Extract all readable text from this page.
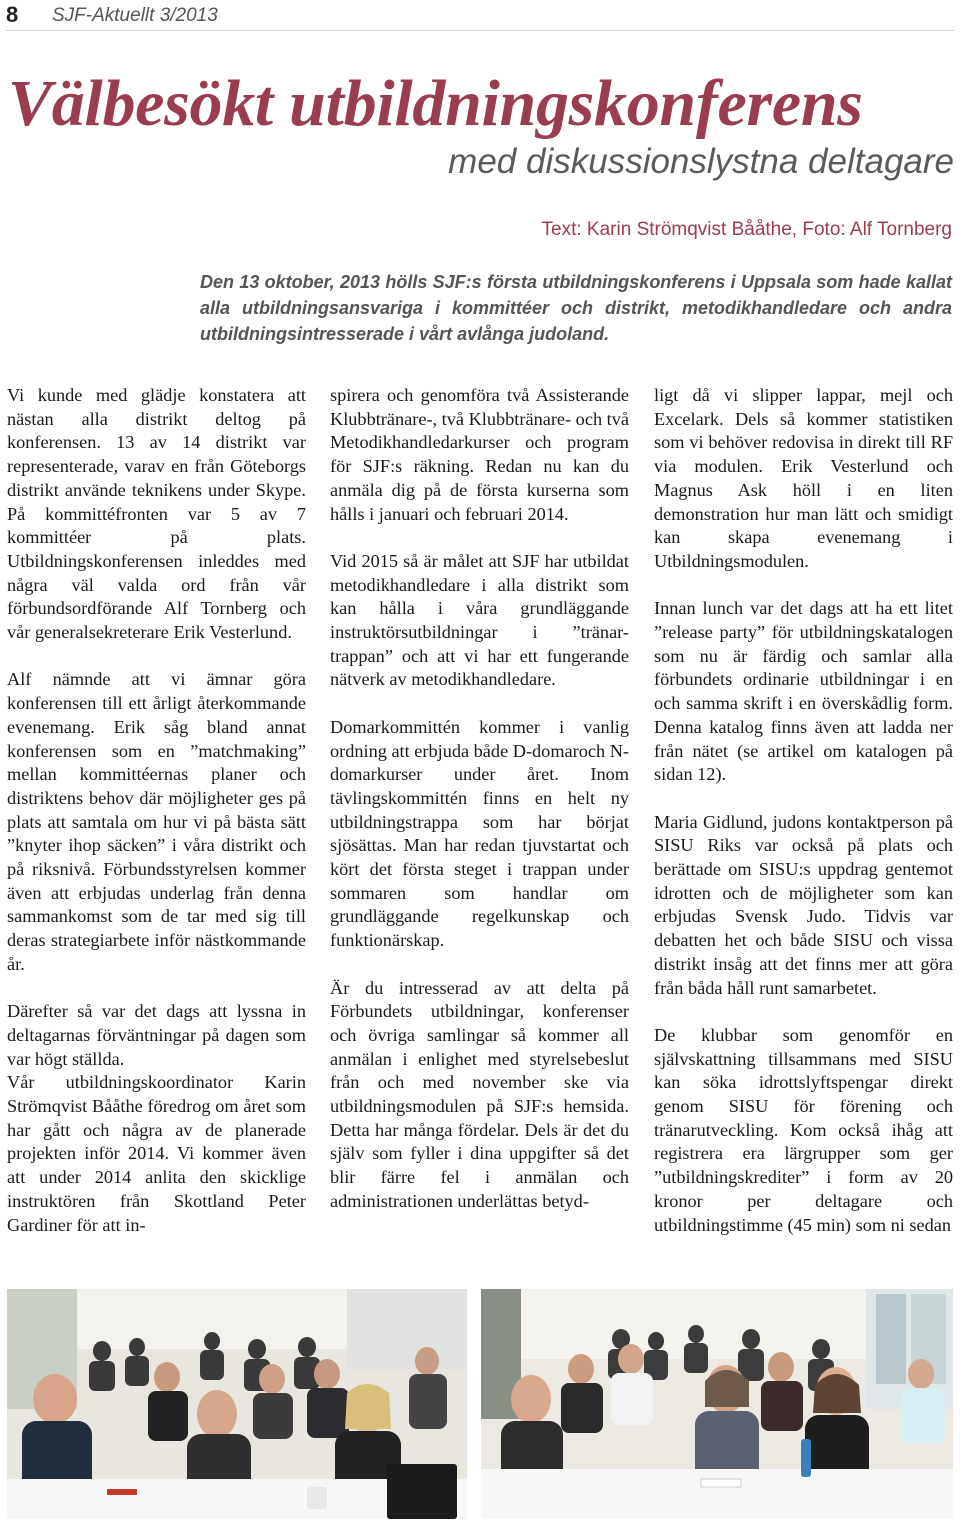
8 SJF-Aktuellt 3/2013
Välbesökt utbildningskonferens
med diskussionslystna deltagare
Text: Karin Strömqvist Bååthe, Foto: Alf Tornberg
Den 13 oktober, 2013 hölls SJF:s första utbildningskonferens i Uppsala som hade kallat alla utbildningsansvariga i kommittéer och distrikt, metodikhandledare och andra utbildningsintresserade i vårt avlånga judoland.

Vi kunde med glädje konstatera att nästan alla distrikt deltog på konferensen. 13 av 14 distrikt var representerade, varav en från Göteborgs distrikt använde teknikens under Skype. På kommittéfronten var 5 av 7 kommittéer på plats. Utbildningskonferensen inleddes med några väl valda ord från vår förbundsordförande Alf Tornberg och vår generalsekreterare Erik Vesterlund.

Alf nämnde att vi ämnar göra konferensen till ett årligt återkommande evenemang. Erik såg bland annat konferensen som en ”matchmaking” mellan kommittéernas planer och distriktens behov där möjligheter ges på plats att samtala om hur vi på bästa sätt ”knyter ihop säcken” i våra distrikt och på riksnivå. Förbundsstyrelsen kommer även att erbjudas underlag från denna sammankomst som de tar med sig till deras strategiarbete inför nästkommande år.

Därefter så var det dags att lyssna in deltagarnas förväntningar på dagen som var högt ställda.

Vår utbildningskoordinator Karin Strömqvist Bååthe föredrog om året som har gått och några av de planerade projekten inför 2014. Vi kommer även att under 2014 anlita den skicklige instruktören från Skottland Peter Gardiner för att in-

spirera och genomföra två Assisterande Klubbtränare-, två Klubbtränare- och två Metodikhandledarkurser och program för SJF:s räkning. Redan nu kan du anmäla dig på de första kurserna som hålls i januari och februari 2014.

Vid 2015 så är målet att SJF har utbildat metodikhandledare i alla distrikt som kan hålla i våra grundläggande instruktörsutbildningar i ”tränar-trappan” och att vi har ett fungerande nätverk av metodikhandledare.

Domarkommittén kommer i vanlig ordning att erbjuda både D-domaroch N-domarkurser under året. Inom tävlingskommittén finns en helt ny utbildningstrappa som har börjat sjösättas. Man har redan tjuvstartat och kört det första steget i trappan under sommaren som handlar om grundläggande regelkunskap och funktionärskap.

Är du intresserad av att delta på Förbundets utbildningar, konferenser och övriga samlingar så kommer all anmälan i enlighet med styrelsebeslut från och med november ske via utbildningsmodulen på SJF:s hemsida. Detta har många fördelar. Dels är det du själv som fyller i dina uppgifter så det blir färre fel i anmälan och administrationen underlättas betyd-

ligt då vi slipper lappar, mejl och Excelark. Dels så kommer statistiken som vi behöver redovisa in direkt till RF via modulen. Erik Vesterlund och Magnus Ask höll i en liten demonstration hur man lätt och smidigt kan skapa evenemang i Utbildningsmodulen.

Innan lunch var det dags att ha ett litet ”release party” för utbildningskatalogen som nu är färdig och samlar alla förbundets ordinarie utbildningar i en och samma skrift i en överskådlig form. Denna katalog finns även att ladda ner från nätet (se artikel om katalogen på sidan 12).

Maria Gidlund, judons kontaktperson på SISU Riks var också på plats och berättade om SISU:s uppdrag gentemot idrotten och de möjligheter som kan erbjudas Svensk Judo. Tidvis var debatten het och både SISU och vissa distrikt insåg att det finns mer att göra från båda håll runt samarbetet.

De klubbar som genomför en självskattning tillsammans med SISU kan söka idrottslyftspengar direkt genom SISU för förening och tränarutveckling. Kom också ihåg att registrera era lärgrupper som ger ”utbildningskrediter” i form av 20 kronor per deltagare och utbildningstimme (45 min) som ni sedan
